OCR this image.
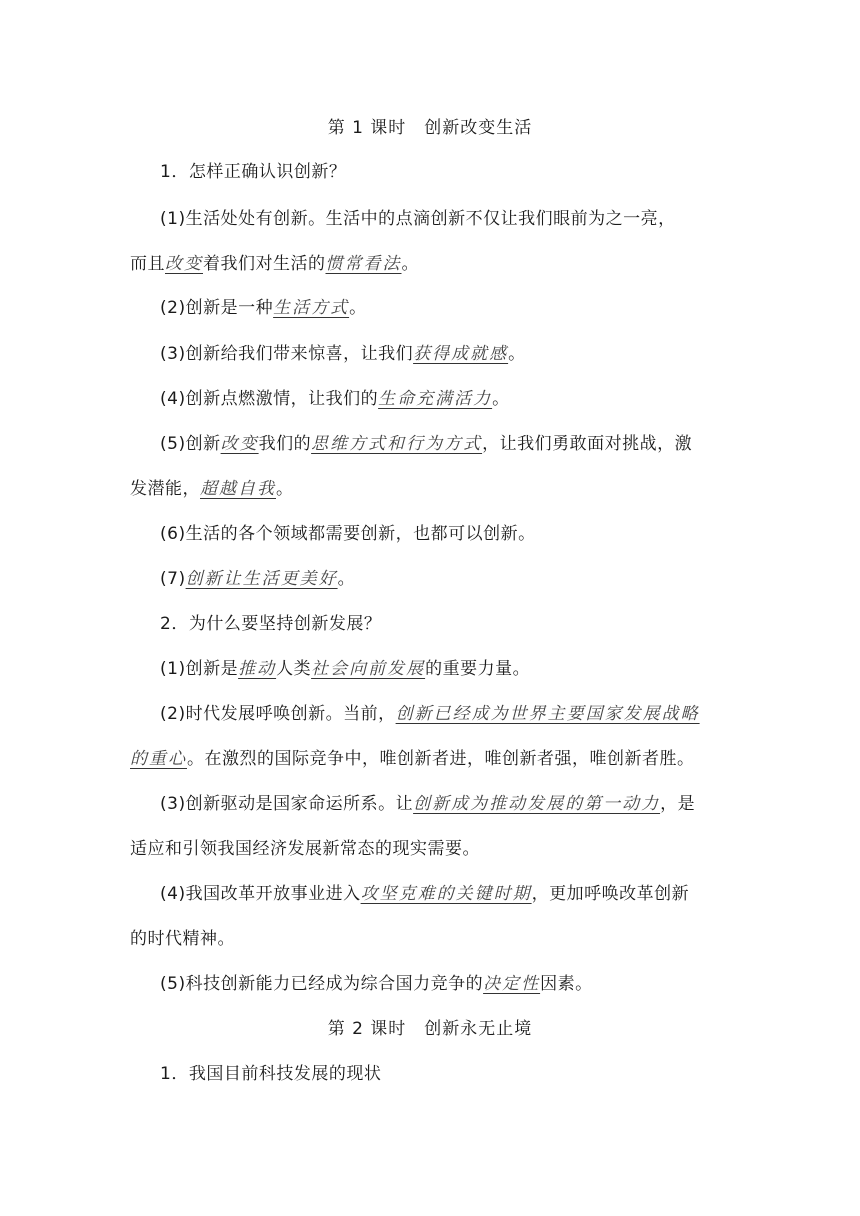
第 1 课时　创新改变生活
1．怎样正确认识创新？
(1)生活处处有创新。生活中的点滴创新不仅让我们眼前为之一亮，
而且改变着我们对生活的惯常看法。
(2)创新是一种生活方式。
(3)创新给我们带来惊喜，让我们获得成就感。
(4)创新点燃激情，让我们的生命充满活力。
(5)创新改变我们的思维方式和行为方式，让我们勇敢面对挑战，激
发潜能，超越自我。
(6)生活的各个领域都需要创新，也都可以创新。
(7)创新让生活更美好。
2．为什么要坚持创新发展？
(1)创新是推动人类社会向前发展的重要力量。
(2)时代发展呼唤创新。当前，创新已经成为世界主要国家发展战略
的重心。在激烈的国际竞争中，唯创新者进，唯创新者强，唯创新者胜。
(3)创新驱动是国家命运所系。让创新成为推动发展的第一动力，是
适应和引领我国经济发展新常态的现实需要。
(4)我国改革开放事业进入攻坚克难的关键时期，更加呼唤改革创新
的时代精神。
(5)科技创新能力已经成为综合国力竞争的决定性因素。
第 2 课时　创新永无止境
1．我国目前科技发展的现状
